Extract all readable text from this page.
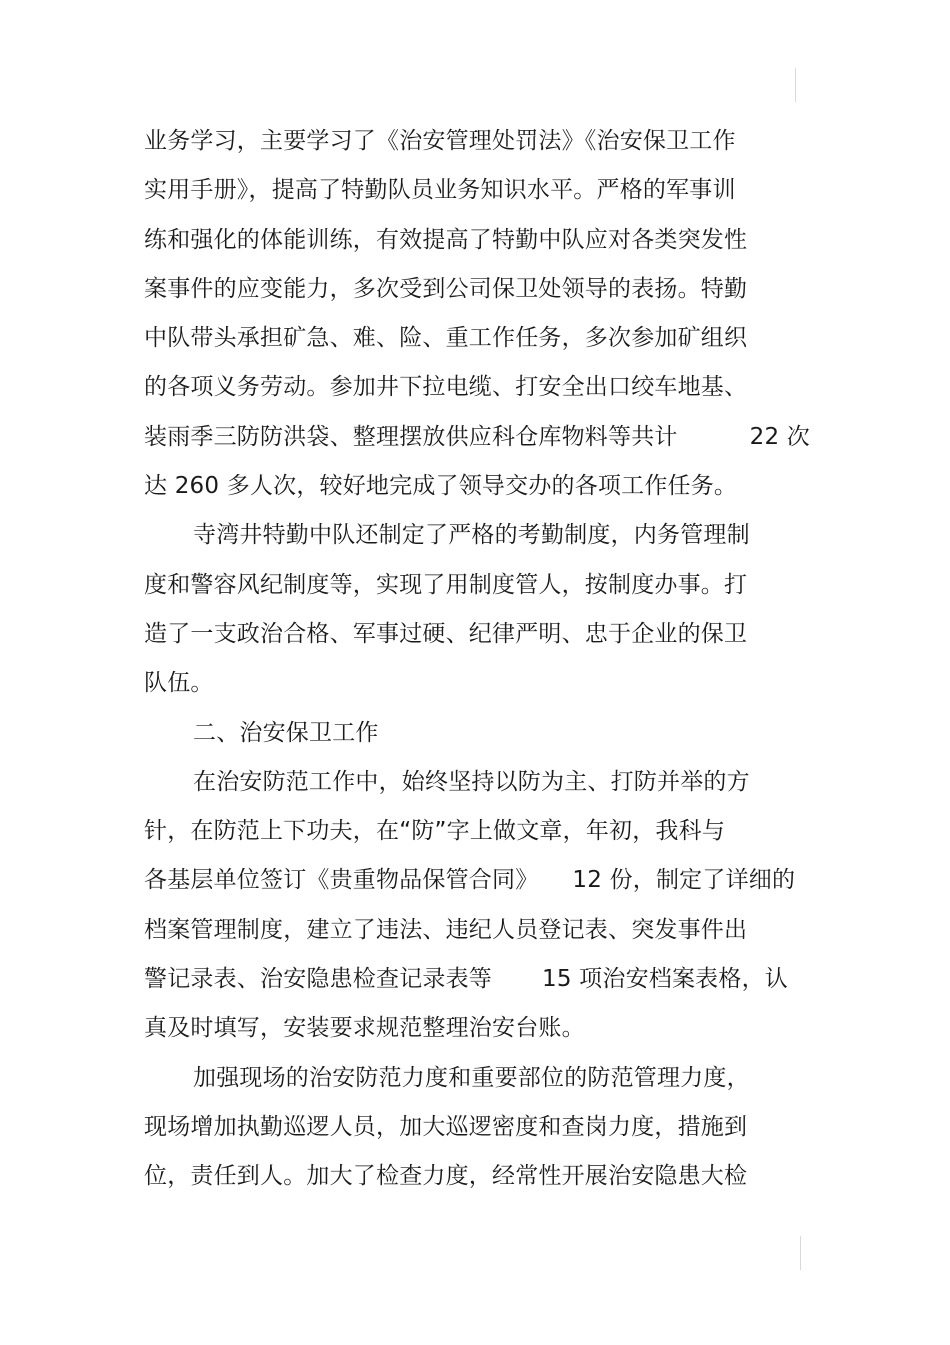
业务学习，主要学习了《治安管理处罚法》《治安保卫工作
实用手册》，提高了特勤队员业务知识水平。严格的军事训
练和强化的体能训练，有效提高了特勤中队应对各类突发性
案事件的应变能力，多次受到公司保卫处领导的表扬。特勤
中队带头承担矿急、难、险、重工作任务，多次参加矿组织
的各项义务劳动。参加井下拉电缆、打安全出口绞车地基、
装雨季三防防洪袋、整理摆放供应科仓库物料等共计	22 次
达 260 多人次，较好地完成了领导交办的各项工作任务。
寺湾井特勤中队还制定了严格的考勤制度，内务管理制
度和警容风纪制度等，实现了用制度管人，按制度办事。打
造了一支政治合格、军事过硬、纪律严明、忠于企业的保卫
队伍。
二、治安保卫工作
在治安防范工作中，始终坚持以防为主、打防并举的方
针，在防范上下功夫，在“防”字上做文章，年初，我科与
各基层单位签订《贵重物品保管合同》 12 份，制定了详细的
档案管理制度，建立了违法、违纪人员登记表、突发事件出
警记录表、治安隐患检查记录表等 15 项治安档案表格，认
真及时填写，安装要求规范整理治安台账。
加强现场的治安防范力度和重要部位的防范管理力度，
现场增加执勤巡逻人员，加大巡逻密度和查岗力度，措施到
位，责任到人。加大了检查力度，经常性开展治安隐患大检
